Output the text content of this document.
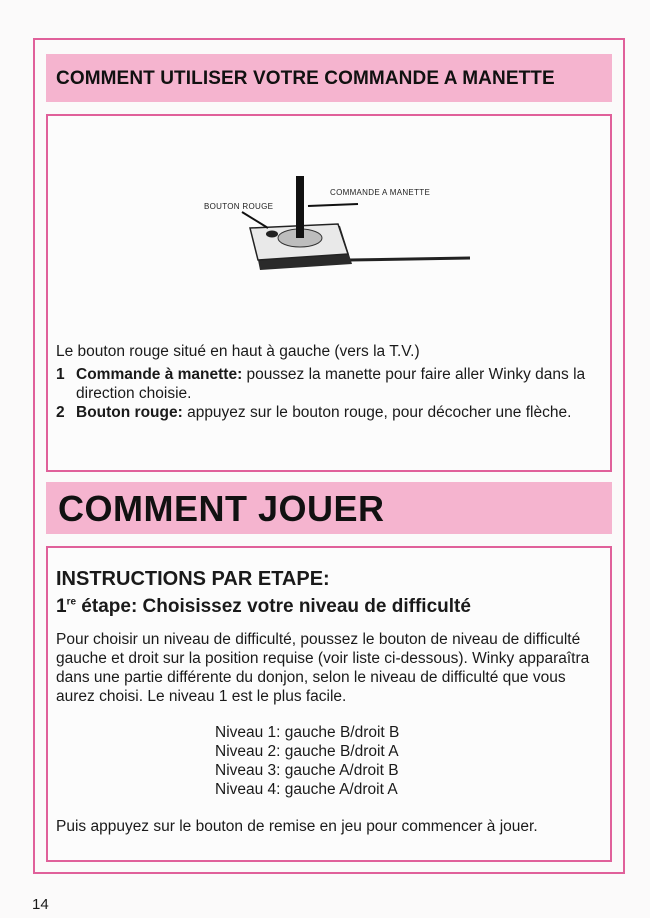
COMMENT UTILISER VOTRE COMMANDE A MANETTE
BOUTON ROUGE
COMMANDE A MANETTE
Le bouton rouge situé en haut à gauche (vers la T.V.)
1 Commande à manette: poussez la manette pour faire aller Winky dans la direction choisie.
2 Bouton rouge: appuyez sur le bouton rouge, pour décocher une flèche.
COMMENT JOUER
INSTRUCTIONS PAR ETAPE:
1re étape: Choisissez votre niveau de difficulté
Pour choisir un niveau de difficulté, poussez le bouton de niveau de difficulté gauche et droit sur la position requise (voir liste ci-dessous). Winky apparaîtra dans une partie différente du donjon, selon le niveau de difficulté que vous aurez choisi. Le niveau 1 est le plus facile.
Niveau 1: gauche B/droit B
Niveau 2: gauche B/droit A
Niveau 3: gauche A/droit B
Niveau 4: gauche A/droit A
Puis appuyez sur le bouton de remise en jeu pour commencer à jouer.
14
